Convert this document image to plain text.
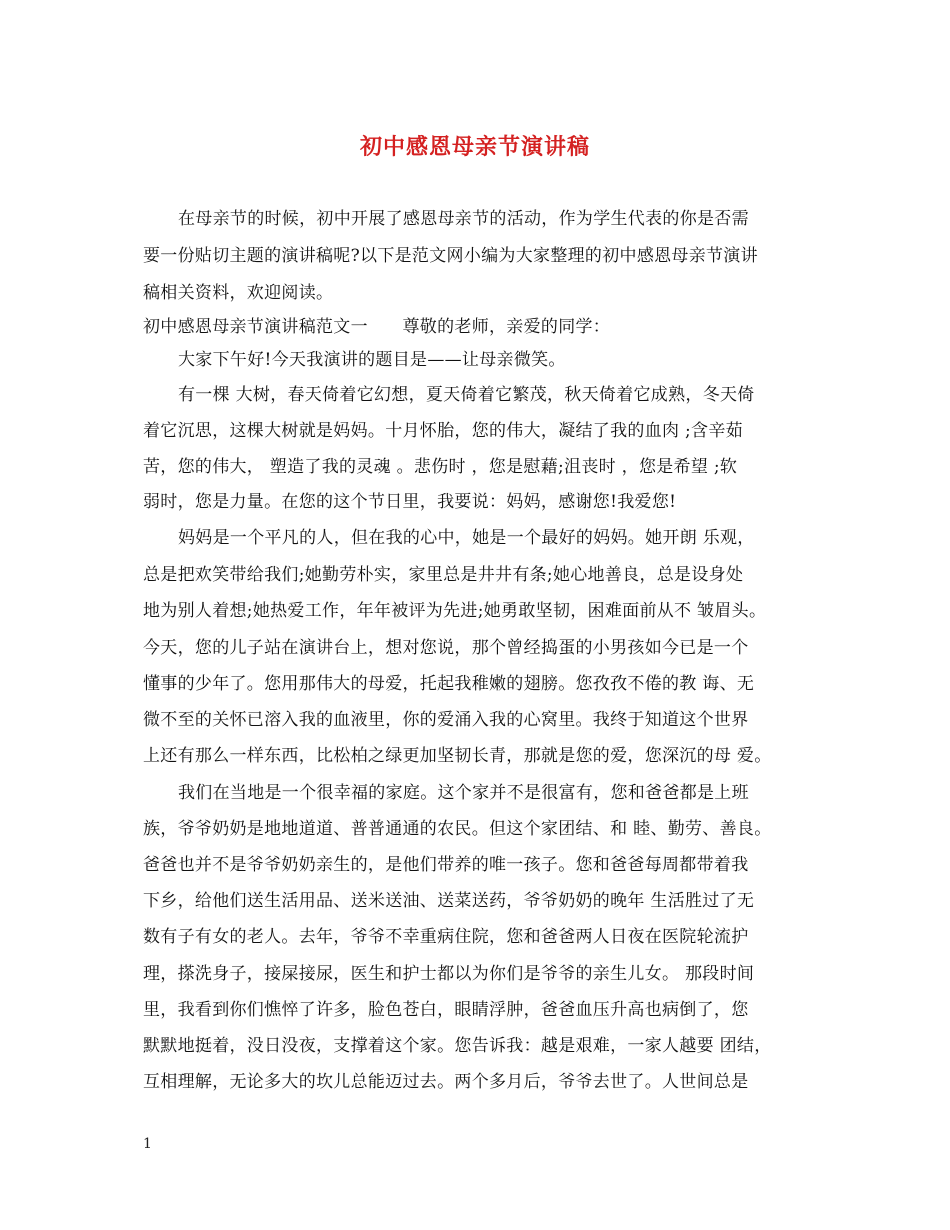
初中感恩母亲节演讲稿
在母亲节的时候，初中开展了感恩母亲节的活动，作为学生代表的你是否需
要一份贴切主题的演讲稿呢?以下是范文网小编为大家整理的初中感恩母亲节演讲
稿相关资料，欢迎阅读。
初中感恩母亲节演讲稿范文一　　尊敬的老师，亲爱的同学：
大家下午好!今天我演讲的题目是——让母亲微笑。
有一棵 大树，春天倚着它幻想，夏天倚着它繁茂，秋天倚着它成熟，冬天倚
着它沉思，这棵大树就是妈妈。十月怀胎，您的伟大，凝结了我的血肉 ;含辛茹
苦，您的伟大， 塑造了我的灵魂 。悲伤时 ，您是慰藉;沮丧时 ，您是希望 ;软
弱时，您是力量。在您的这个节日里，我要说：妈妈，感谢您!我爱您!
妈妈是一个平凡的人，但在我的心中，她是一个最好的妈妈。她开朗 乐观，
总是把欢笑带给我们;她勤劳朴实，家里总是井井有条;她心地善良，总是设身处
地为别人着想;她热爱工作，年年被评为先进;她勇敢坚韧，困难面前从不 皱眉头。
今天，您的儿子站在演讲台上，想对您说，那个曾经捣蛋的小男孩如今已是一个
懂事的少年了。您用那伟大的母爱，托起我稚嫩的翅膀。您孜孜不倦的教 诲、无
微不至的关怀已溶入我的血液里，你的爱涌入我的心窝里。我终于知道这个世界
上还有那么一样东西，比松柏之绿更加坚韧长青，那就是您的爱，您深沉的母 爱。
我们在当地是一个很幸福的家庭。这个家并不是很富有，您和爸爸都是上班
族，爷爷奶奶是地地道道、普普通通的农民。但这个家团结、和 睦、勤劳、善良。
爸爸也并不是爷爷奶奶亲生的，是他们带养的唯一孩子。您和爸爸每周都带着我
下乡，给他们送生活用品、送米送油、送菜送药，爷爷奶奶的晚年 生活胜过了无
数有子有女的老人。去年，爷爷不幸重病住院，您和爸爸两人日夜在医院轮流护
理，搽洗身子，接屎接尿，医生和护士都以为你们是爷爷的亲生儿女。 那段时间
里，我看到你们憔悴了许多，脸色苍白，眼睛浮肿，爸爸血压升高也病倒了，您
默默地挺着，没日没夜，支撑着这个家。您告诉我：越是艰难，一家人越要 团结，
互相理解，无论多大的坎儿总能迈过去。两个多月后，爷爷去世了。人世间总是
1
